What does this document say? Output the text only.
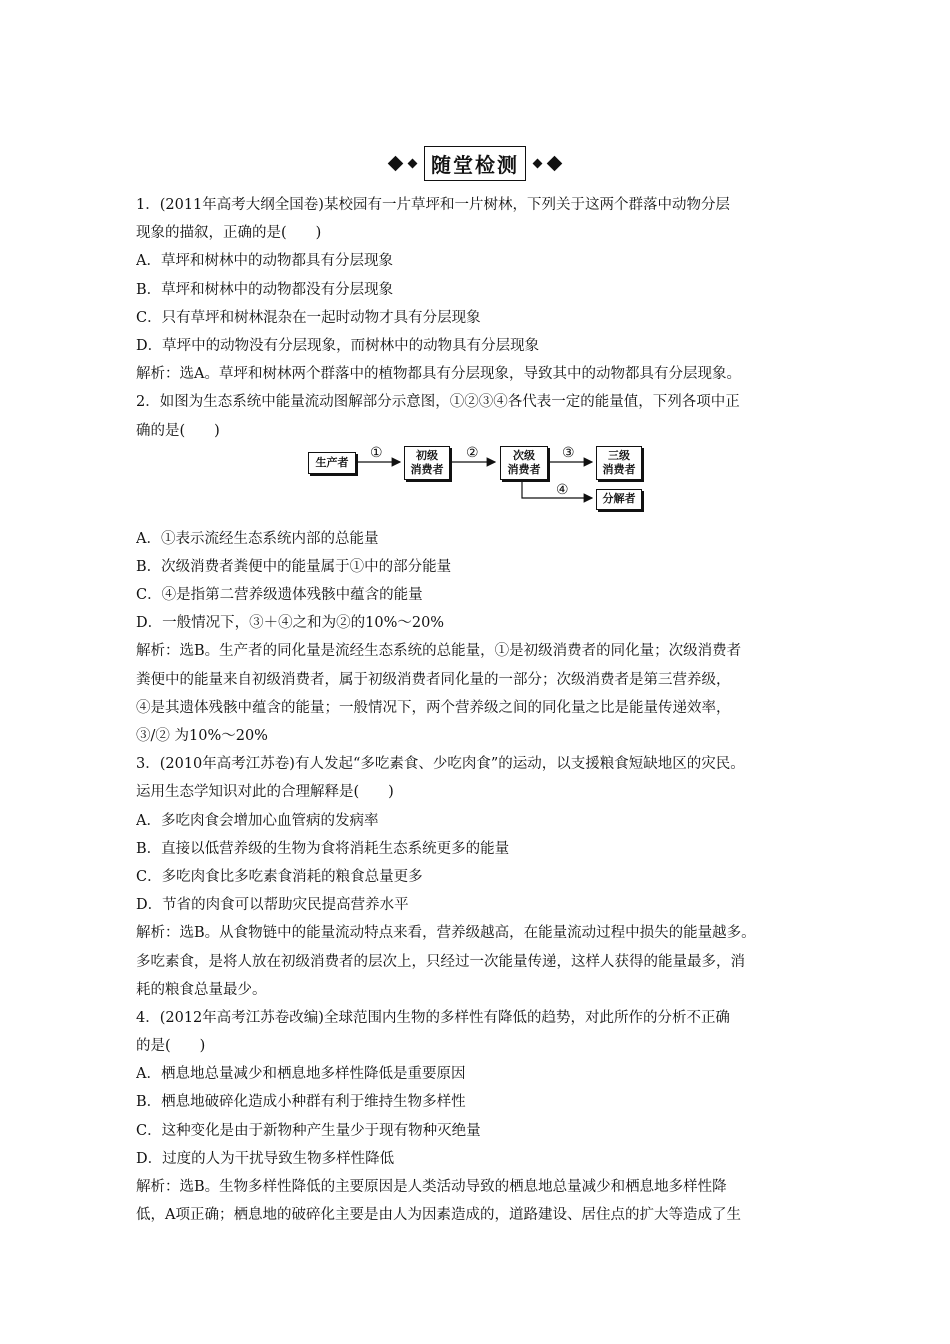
随堂检测
1．(2011年高考大纲全国卷)某校园有一片草坪和一片树林，下列关于这两个群落中动物分层
现象的描叙，正确的是(　　)
A．草坪和树林中的动物都具有分层现象
B．草坪和树林中的动物都没有分层现象
C．只有草坪和树林混杂在一起时动物才具有分层现象
D．草坪中的动物没有分层现象，而树林中的动物具有分层现象
解析：选A。草坪和树林两个群落中的植物都具有分层现象，导致其中的动物都具有分层现象。
2．如图为生态系统中能量流动图解部分示意图，①②③④各代表一定的能量值，下列各项中正
确的是(　　)
生产者
初级
消费者
次级
消费者
三级
消费者
分解者
①	②	③
④
A．①表示流经生态系统内部的总能量
B．次级消费者粪便中的能量属于①中的部分能量
C．④是指第二营养级遗体残骸中蕴含的能量
D．一般情况下，③＋④之和为②的10%～20%
解析：选B。生产者的同化量是流经生态系统的总能量，①是初级消费者的同化量；次级消费者
粪便中的能量来自初级消费者，属于初级消费者同化量的一部分；次级消费者是第三营养级，
④是其遗体残骸中蕴含的能量；一般情况下，两个营养级之间的同化量之比是能量传递效率，
③/② 为10%～20%
3．(2010年高考江苏卷)有人发起“多吃素食、少吃肉食”的运动，以支援粮食短缺地区的灾民。
运用生态学知识对此的合理解释是(　　)
A．多吃肉食会增加心血管病的发病率
B．直接以低营养级的生物为食将消耗生态系统更多的能量
C．多吃肉食比多吃素食消耗的粮食总量更多
D．节省的肉食可以帮助灾民提高营养水平
解析：选B。从食物链中的能量流动特点来看，营养级越高，在能量流动过程中损失的能量越多。
多吃素食，是将人放在初级消费者的层次上，只经过一次能量传递，这样人获得的能量最多，消
耗的粮食总量最少。
4．(2012年高考江苏卷改编)全球范围内生物的多样性有降低的趋势，对此所作的分析不正确
的是(　　)
A．栖息地总量减少和栖息地多样性降低是重要原因
B．栖息地破碎化造成小种群有利于维持生物多样性
C．这种变化是由于新物种产生量少于现有物种灭绝量
D．过度的人为干扰导致生物多样性降低
解析：选B。生物多样性降低的主要原因是人类活动导致的栖息地总量减少和栖息地多样性降
低，A项正确；栖息地的破碎化主要是由人为因素造成的，道路建设、居住点的扩大等造成了生
